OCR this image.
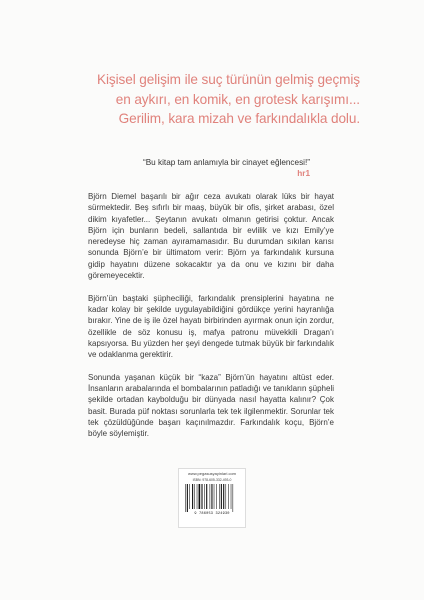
Kişisel gelişim ile suç türünün gelmiş geçmiş
en aykırı, en komik, en grotesk karışımı...
Gerilim, kara mizah ve farkındalıkla dolu.
“Bu kitap tam anlamıyla bir cinayet eğlencesi!”
hr1

Björn Diemel başarılı bir ağır ceza avukatı olarak lüks bir hayat sürmektedir. Beş sıfırlı bir maaş, büyük bir ofis, şirket arabası, özel dikim kıyafetler... Şeytanın avukatı olmanın getirisi çoktur. Ancak Björn için bunların bedeli, sallantıda bir evlilik ve kızı Emily’ye neredeyse hiç zaman ayıramamasıdır. Bu durumdan sıkılan karısı sonunda Björn’e bir ültimatom verir: Björn ya farkındalık kursuna gidip hayatını düzene sokacaktır ya da onu ve kızını bir daha göremeyecektir.

Björn’ün baştaki şüpheciliği, farkındalık prensiplerini hayatına ne kadar kolay bir şekilde uygulayabildiğini gördükçe yerini hayranlığa bırakır. Yine de iş ile özel hayatı birbirinden ayırmak onun için zordur, özellikle de söz konusu iş, mafya patronu müvekkili Dragan’ı kapsıyorsa. Bu yüzden her şeyi dengede tutmak büyük bir farkındalık ve odaklanma gerektirir.

Sonunda yaşanan küçük bir “kaza” Björn’ün hayatını altüst eder. İnsanların arabalarında el bombalarının patladığı ve tanıkların şüpheli şekilde ortadan kaybolduğu bir dünyada nasıl hayatta kalınır? Çok basit. Burada püf noktası sorunlarla tek tek ilgilenmektir. Sorunlar tek tek çözüldüğünde başarı kaçınılmazdır. Farkındalık koçu, Björn’e böyle söylemiştir.

www.pegasusyayinlari.com
ISBN: 978-605-332-493-0
9 786053 324930
